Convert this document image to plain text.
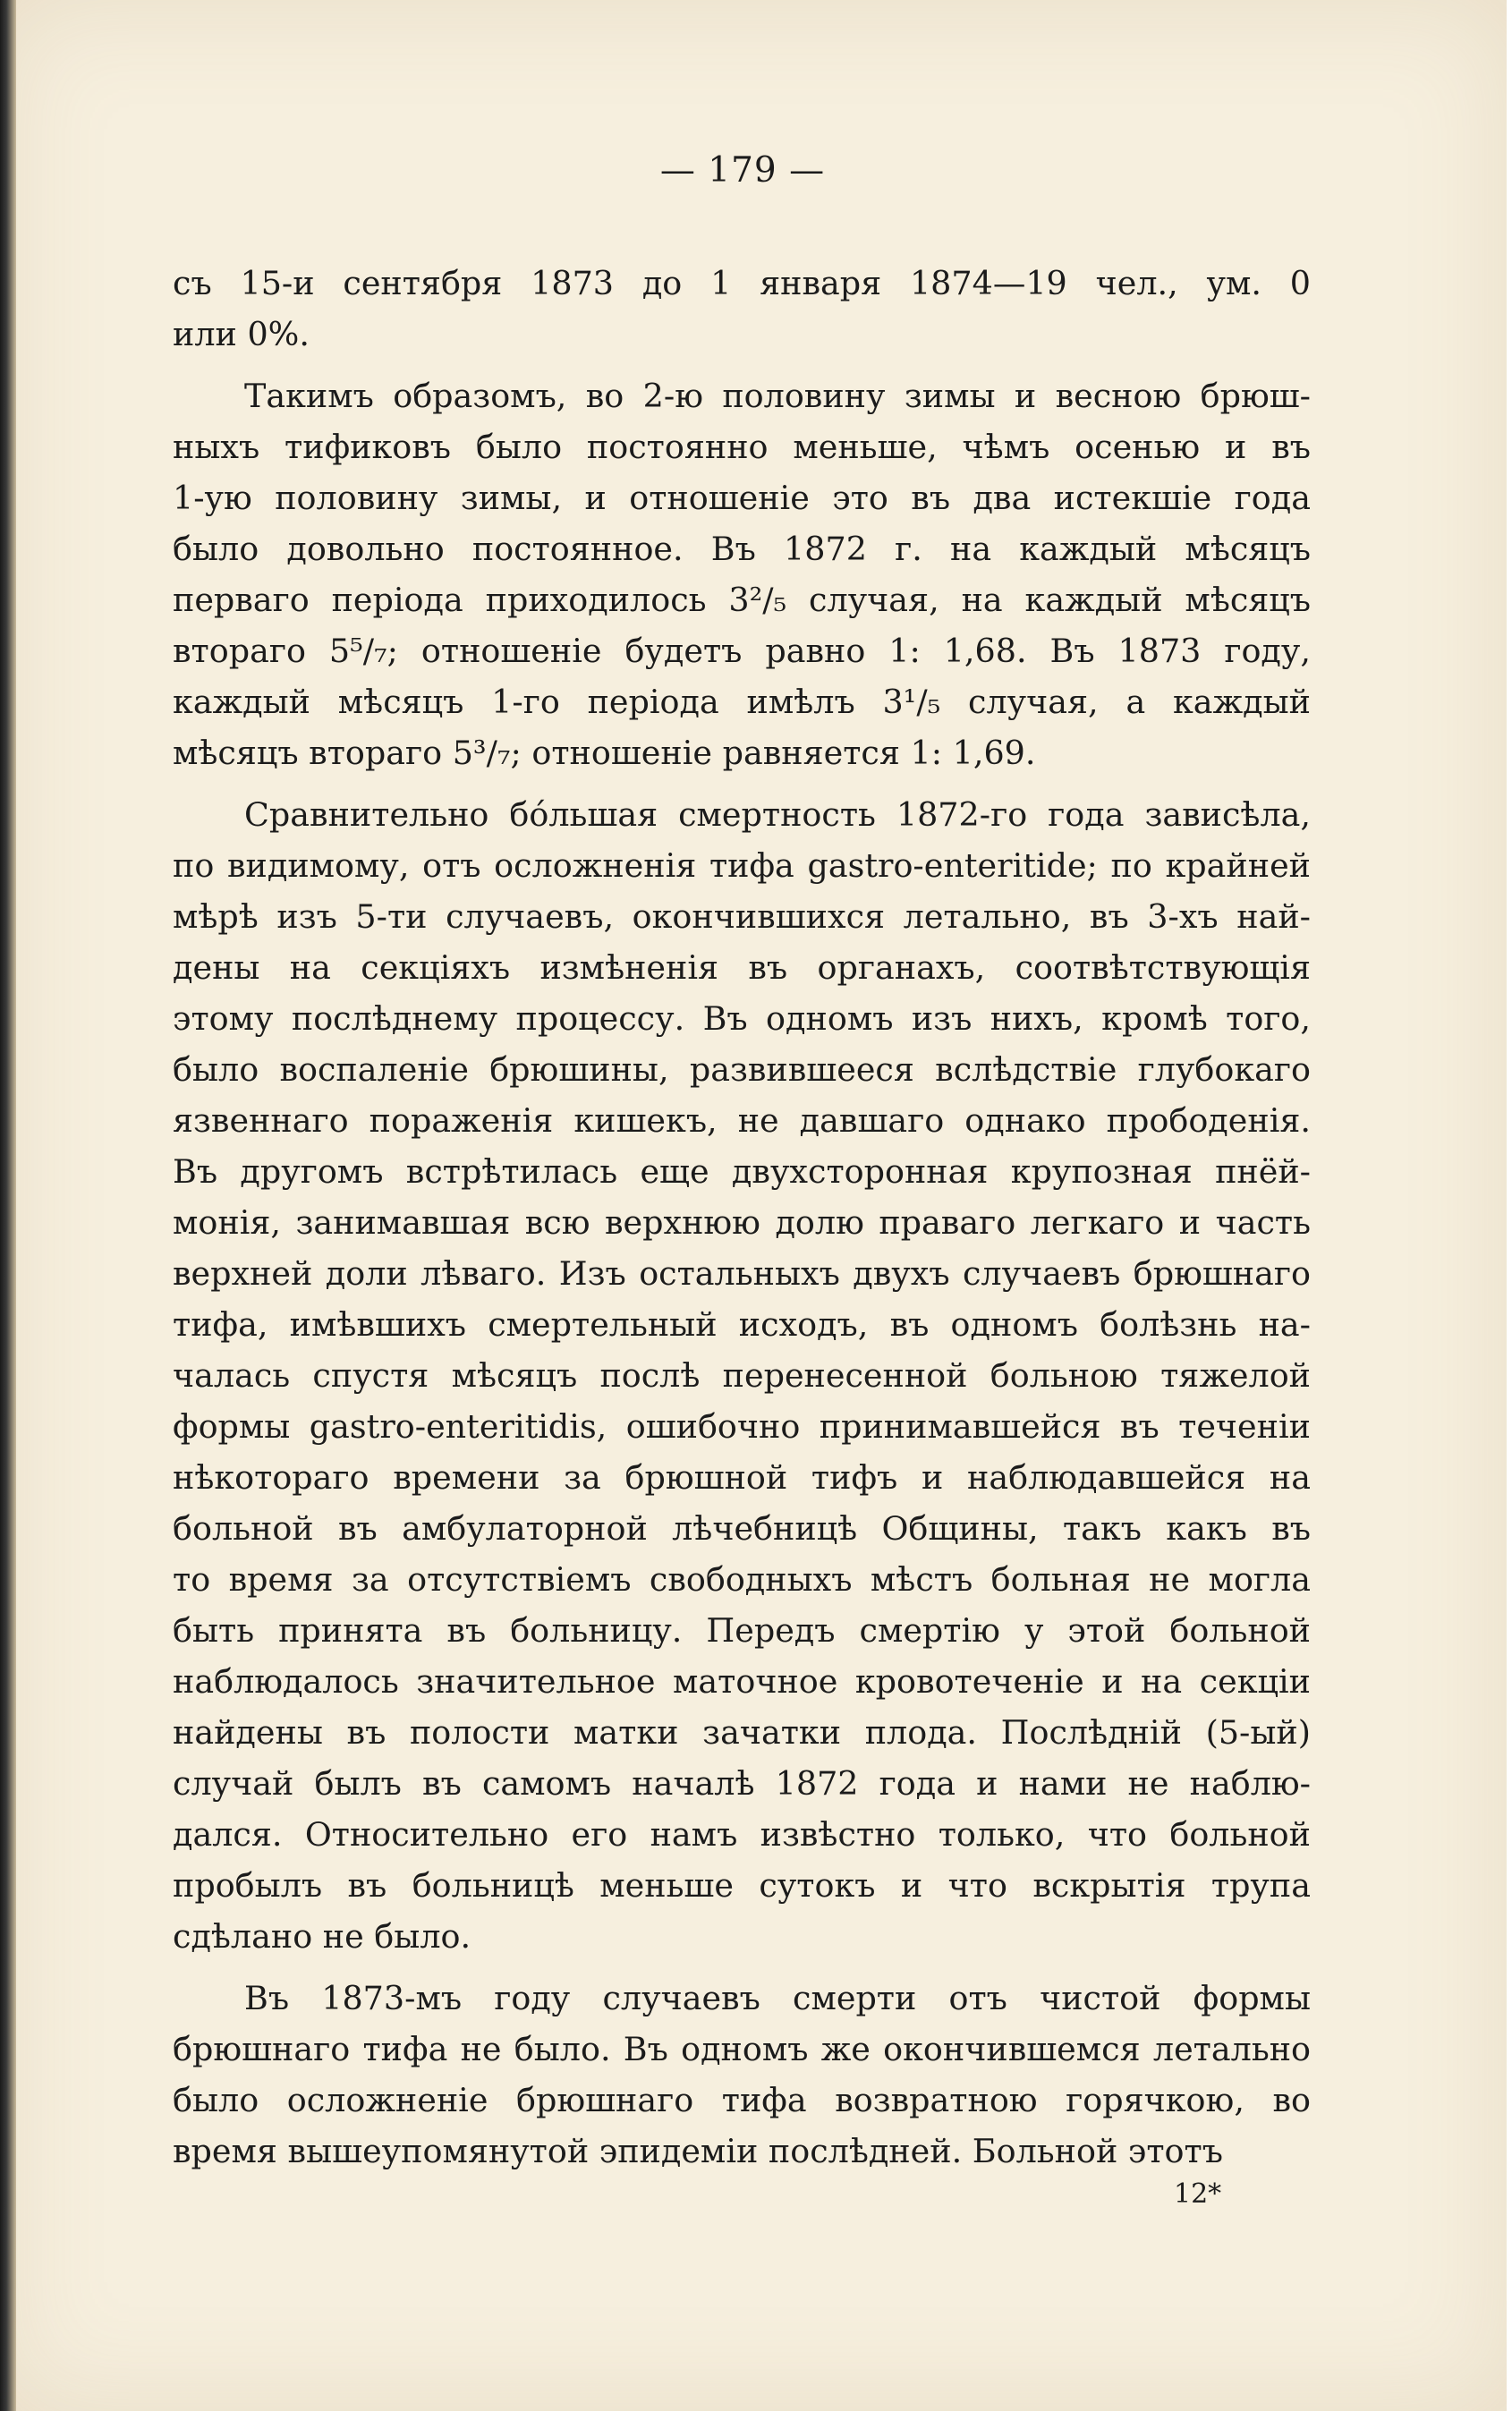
— 179 —
съ 15-и сентября 1873 до 1 января 1874—19 чел., ум. 0
или 0%.
Такимъ образомъ, во 2-ю половину зимы и весною брюш-
ныхъ тификовъ было постоянно меньше, чѣмъ осенью и въ
1-ую половину зимы, и отношеніе это въ два истекшіе года
было довольно постоянное. Въ 1872 г. на каждый мѣсяцъ
перваго періода приходилось 3²/₅ случая, на каждый мѣсяцъ
втораго 5⁵/₇; отношеніе будетъ равно 1: 1,68. Въ 1873 году,
каждый мѣсяцъ 1-го періода имѣлъ 3¹/₅ случая, а каждый
мѣсяцъ втораго 5³/₇; отношеніе равняется 1: 1,69.
Сравнительно бóльшая смертность 1872-го года зависѣла,
по видимому, отъ осложненія тифа gastro-enteritide; по крайней
мѣрѣ изъ 5-ти случаевъ, окончившихся летально, въ 3-хъ най-
дены на секціяхъ измѣненія въ органахъ, соотвѣтствующія
этому послѣднему процессу. Въ одномъ изъ нихъ, кромѣ того,
было воспаленіе брюшины, развившееся вслѣдствіе глубокаго
язвеннаго пораженія кишекъ, не давшаго однако прободенія.
Въ другомъ встрѣтилась еще двухсторонная крупозная пнёй-
монія, занимавшая всю верхнюю долю праваго легкаго и часть
верхней доли лѣваго. Изъ остальныхъ двухъ случаевъ брюшнаго
тифа, имѣвшихъ смертельный исходъ, въ одномъ болѣзнь на-
чалась спустя мѣсяцъ послѣ перенесенной больною тяжелой
формы gastro-enteritidis, ошибочно принимавшейся въ теченіи
нѣкотораго времени за брюшной тифъ и наблюдавшейся на
больной въ амбулаторной лѣчебницѣ Общины, такъ какъ въ
то время за отсутствіемъ свободныхъ мѣстъ больная не могла
быть принята въ больницу. Передъ смертію у этой больной
наблюдалось значительное маточное кровотеченіе и на секціи
найдены въ полости матки зачатки плода. Послѣдній (5-ый)
случай былъ въ самомъ началѣ 1872 года и нами не наблю-
дался. Относительно его намъ извѣстно только, что больной
пробылъ въ больницѣ меньше сутокъ и что вскрытія трупа
сдѣлано не было.
Въ 1873-мъ году случаевъ смерти отъ чистой формы
брюшнаго тифа не было. Въ одномъ же окончившемся летально
было осложненіе брюшнаго тифа возвратною горячкою, во
время вышеупомянутой эпидеміи послѣдней. Больной этотъ
12*
